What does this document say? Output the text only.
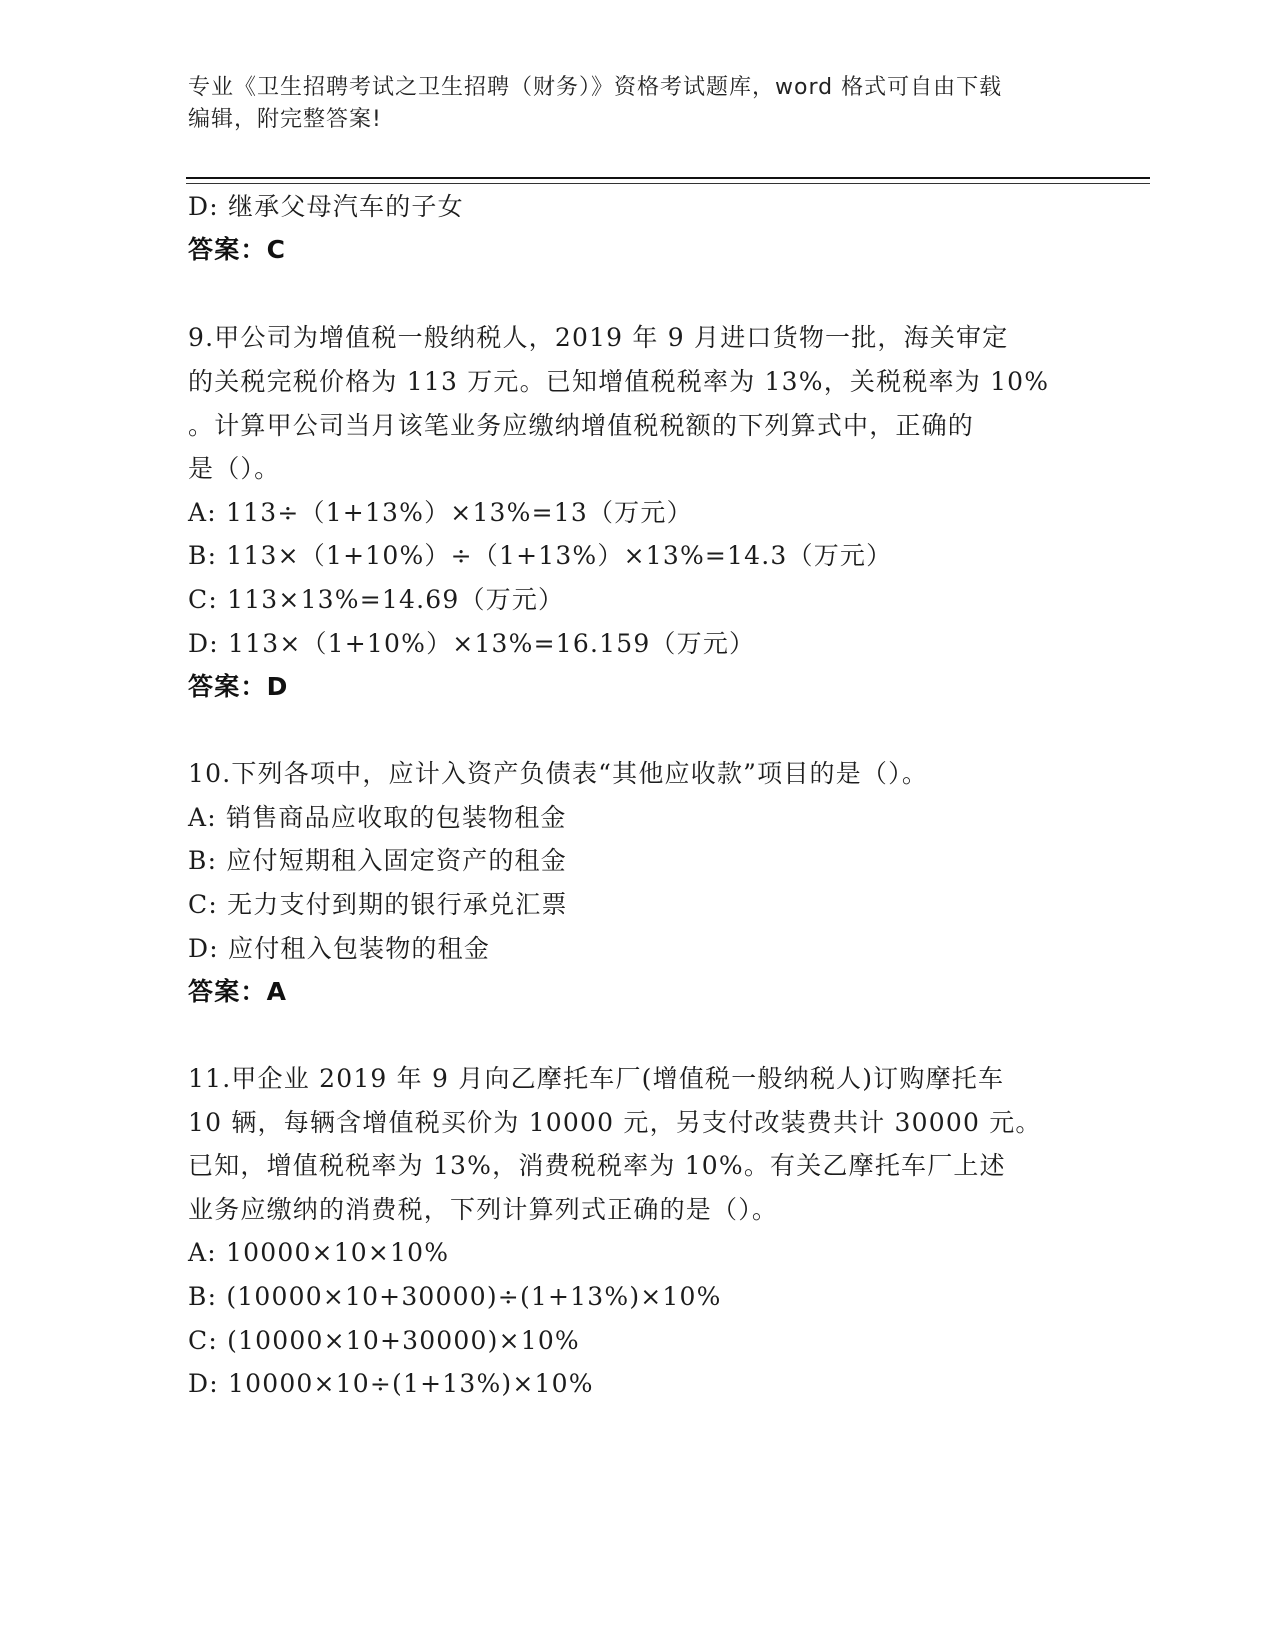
专业《卫生招聘考试之卫生招聘（财务）》资格考试题库，word 格式可自由下载
编辑，附完整答案!
D: 继承父母汽车的子女
答案：C
9.甲公司为增值税一般纳税人，2019 年 9 月进口货物一批，海关审定
的关税完税价格为 113 万元。已知增值税税率为 13%，关税税率为 10%
。计算甲公司当月该笔业务应缴纳增值税税额的下列算式中，正确的
是（）。
A: 113÷（1+13%）×13%=13（万元）
B: 113×（1+10%）÷（1+13%）×13%=14.3（万元）
C: 113×13%=14.69（万元）
D: 113×（1+10%）×13%=16.159（万元）
答案：D
10.下列各项中，应计入资产负债表“其他应收款”项目的是（）。
A: 销售商品应收取的包装物租金
B: 应付短期租入固定资产的租金
C: 无力支付到期的银行承兑汇票
D: 应付租入包装物的租金
答案：A
11.甲企业 2019 年 9 月向乙摩托车厂(增值税一般纳税人)订购摩托车
10 辆，每辆含增值税买价为 10000 元，另支付改装费共计 30000 元。
已知，增值税税率为 13%，消费税税率为 10%。有关乙摩托车厂上述
业务应缴纳的消费税，下列计算列式正确的是（）。
A: 10000×10×10%
B: (10000×10+30000)÷(1+13%)×10%
C: (10000×10+30000)×10%
D: 10000×10÷(1+13%)×10%
